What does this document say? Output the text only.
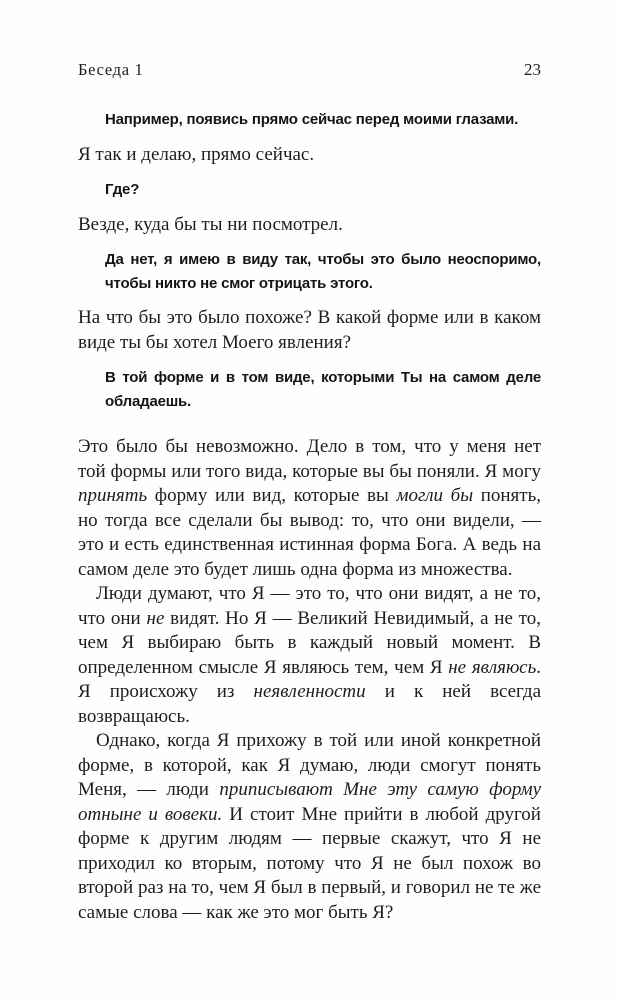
Беседа 1	23

Например, появись прямо сейчас перед моими глазами.

Я так и делаю, прямо сейчас.

Где?

Везде, куда бы ты ни посмотрел.

Да нет, я имею в виду так, чтобы это было неоспоримо, чтобы никто не смог отрицать этого.

На что бы это было похоже? В какой форме или в каком виде ты бы хотел Моего явления?

В той форме и в том виде, которыми Ты на самом деле обладаешь.

Это было бы невозможно. Дело в том, что у меня нет той формы или того вида, которые вы бы поняли. Я могу принять форму или вид, которые вы могли бы понять, но тогда все сделали бы вывод: то, что они видели, — это и есть единственная истинная форма Бога. А ведь на самом деле это будет лишь одна форма из множества.

Люди думают, что Я — это то, что они видят, а не то, что они не видят. Но Я — Великий Невидимый, а не то, чем Я выбираю быть в каждый новый момент. В определенном смысле Я являюсь тем, чем Я не являюсь. Я происхожу из неявленности и к ней всегда возвращаюсь.

Однако, когда Я прихожу в той или иной конкретной форме, в которой, как Я думаю, люди смогут понять Меня, — люди приписывают Мне эту самую форму отныне и вовеки. И стоит Мне прийти в любой другой форме к другим людям — первые скажут, что Я не приходил ко вторым, потому что Я не был похож во второй раз на то, чем Я был в первый, и говорил не те же самые слова — как же это мог быть Я?
